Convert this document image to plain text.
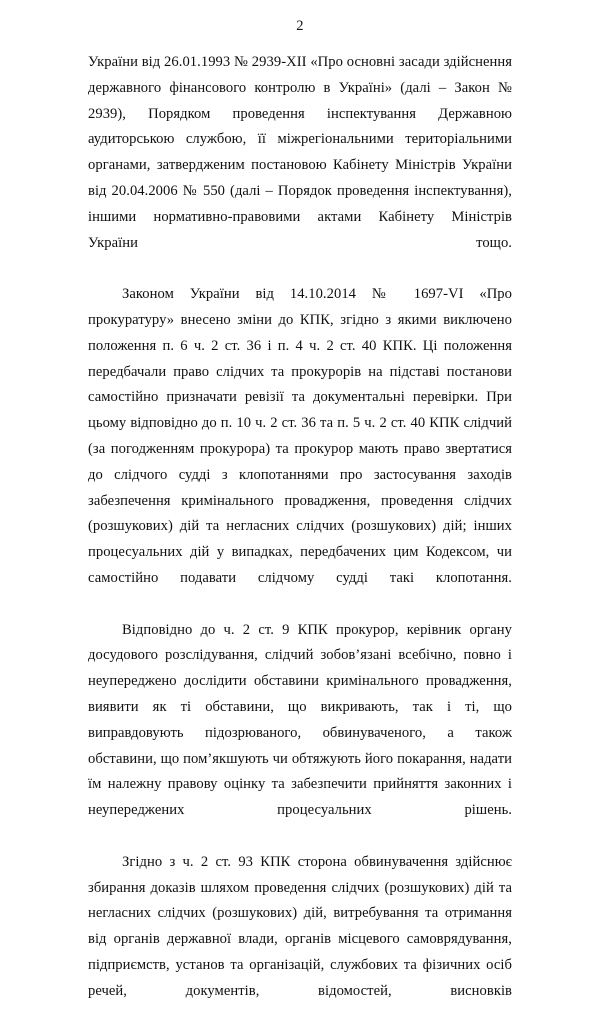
2

України від 26.01.1993 № 2939-XII «Про основні засади здійснення державного фінансового контролю в Україні» (далі – Закон № 2939), Порядком проведення інспектування Державною аудиторською службою, її міжрегіональними територіальними органами, затвердженим постановою Кабінету Міністрів України від 20.04.2006 № 550 (далі – Порядок проведення інспектування), іншими нормативно-правовими актами Кабінету Міністрів України тощо.

Законом України від 14.10.2014 № 1697-VI «Про прокуратуру» внесено зміни до КПК, згідно з якими виключено положення п. 6 ч. 2 ст. 36 і п. 4 ч. 2 ст. 40 КПК. Ці положення передбачали право слідчих та прокурорів на підставі постанови самостійно призначати ревізії та документальні перевірки. При цьому відповідно до п. 10 ч. 2 ст. 36 та п. 5 ч. 2 ст. 40 КПК слідчий (за погодженням прокурора) та прокурор мають право звертатися до слідчого судді з клопотаннями про застосування заходів забезпечення кримінального провадження, проведення слідчих (розшукових) дій та негласних слідчих (розшукових) дій; інших процесуальних дій у випадках, передбачених цим Кодексом, чи самостійно подавати слідчому судді такі клопотання.

Відповідно до ч. 2 ст. 9 КПК прокурор, керівник органу досудового розслідування, слідчий зобов’язані всебічно, повно і неупереджено дослідити обставини кримінального провадження, виявити як ті обставини, що викривають, так і ті, що виправдовують підозрюваного, обвинуваченого, а також обставини, що пом’якшують чи обтяжують його покарання, надати їм належну правову оцінку та забезпечити прийняття законних і неупереджених процесуальних рішень.

Згідно з ч. 2 ст. 93 КПК сторона обвинувачення здійснює збирання доказів шляхом проведення слідчих (розшукових) дій та негласних слідчих (розшукових) дій, витребування та отримання від органів державної влади, органів місцевого самоврядування, підприємств, установ та організацій, службових та фізичних осіб речей, документів, відомостей, висновків
